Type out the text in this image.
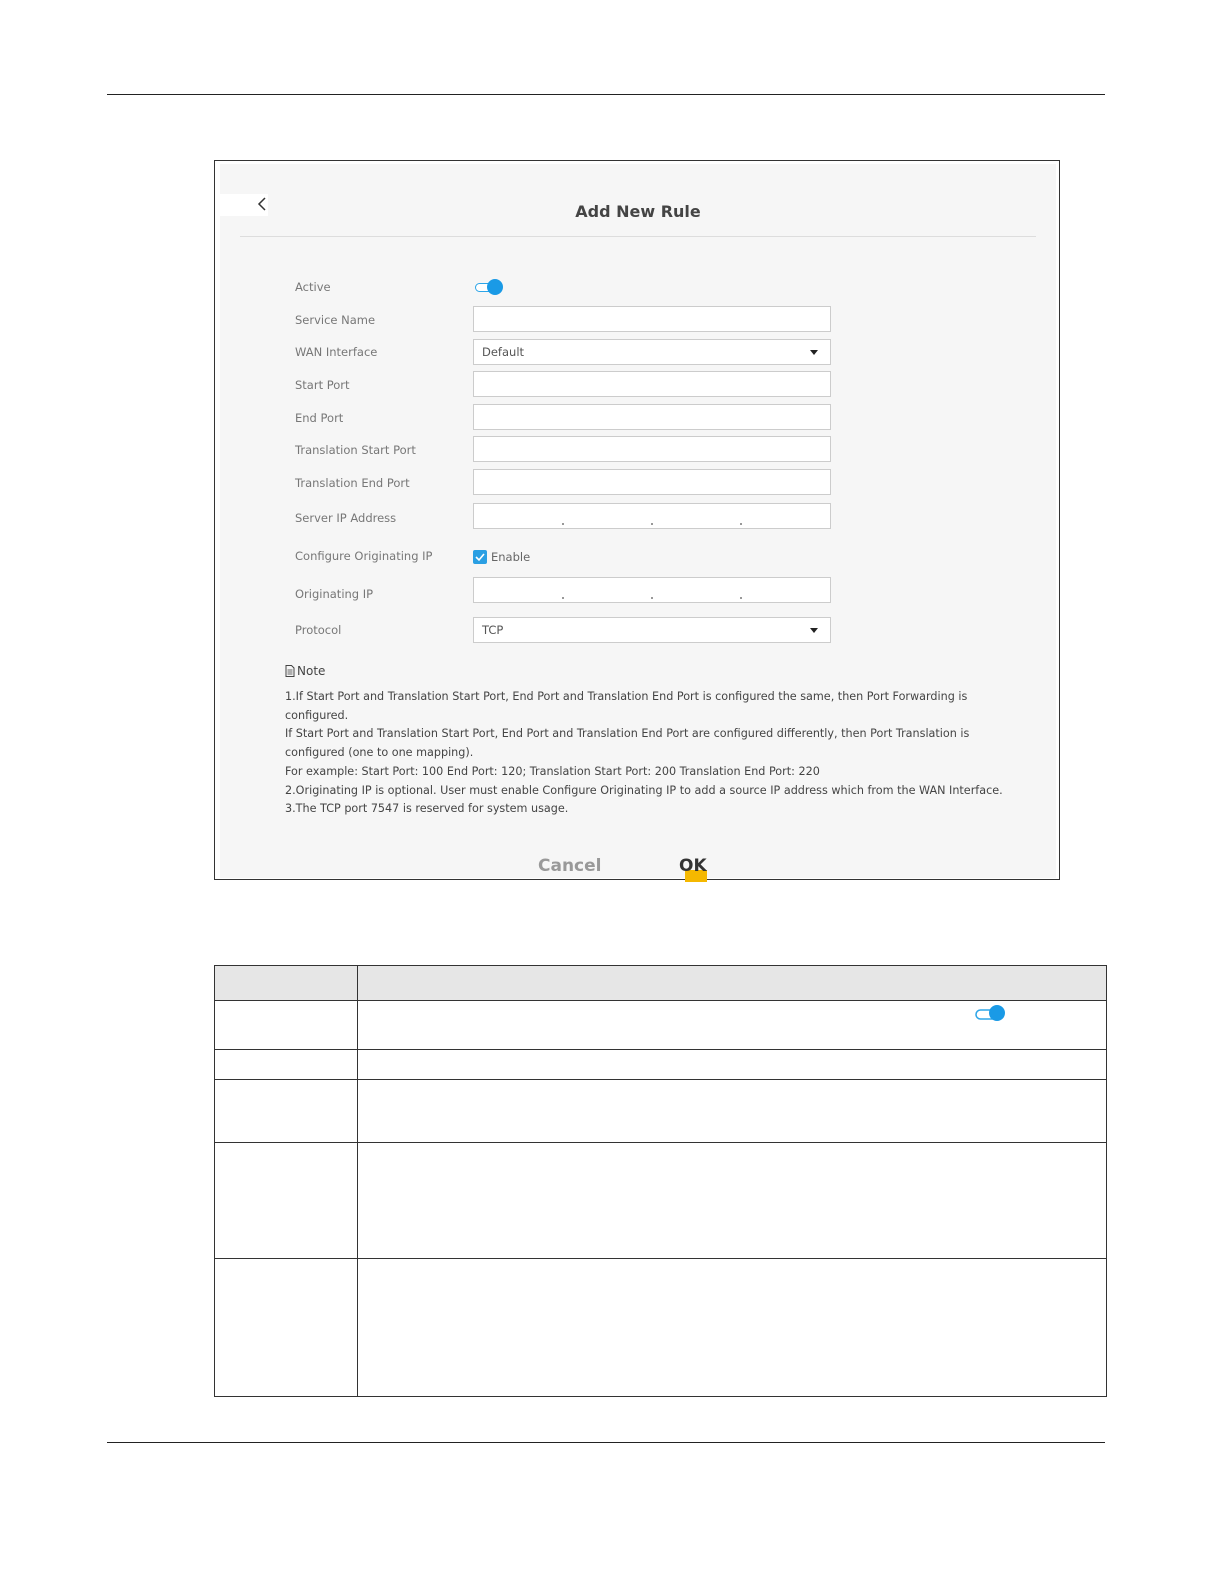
Add New Rule
Active
Service Name
WAN Interface	Default
Start Port
End Port
Translation Start Port
Translation End Port
Server IP Address
Configure Originating IP	Enable
Originating IP
Protocol	TCP
Note
1.If Start Port and Translation Start Port, End Port and Translation End Port is configured the same, then Port Forwarding is
configured.
If Start Port and Translation Start Port, End Port and Translation End Port are configured differently, then Port Translation is
configured (one to one mapping).
For example: Start Port: 100 End Port: 120; Translation Start Port: 200 Translation End Port: 220
2.Originating IP is optional. User must enable Configure Originating IP to add a source IP address which from the WAN Interface.
3.The TCP port 7547 is reserved for system usage.
Cancel	OK
